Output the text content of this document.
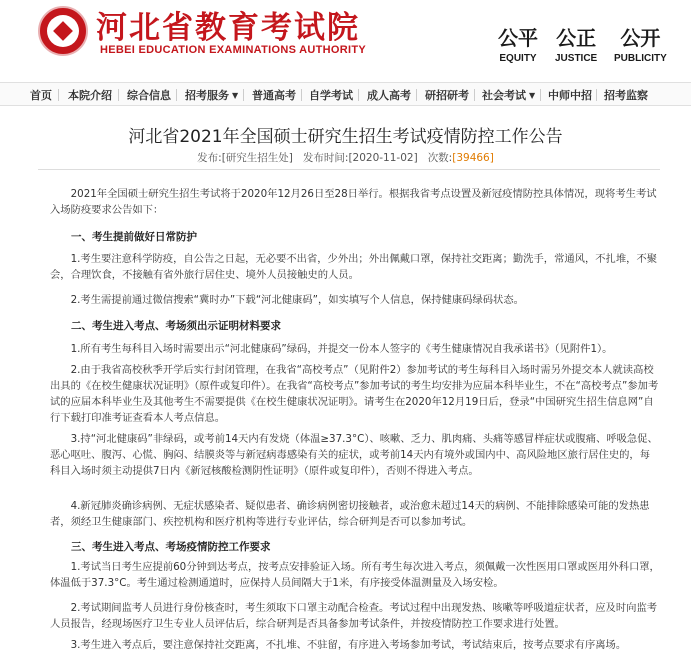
河北省教育考试院
HEBEI EDUCATION EXAMINATIONS AUTHORITY	公平
EQUITY
公正
JUSTICE
公开
PUBLICITY
首页 本院介绍 综合信息 招考服务 ▼ 普通高考 自学考试 成人高考 研招研考 社会考试 ▼ 中师中招 招考监察
河北省2021年全国硕士研究生招生考试疫情防控工作公告
发布:[研究生招生处] 发布时间:[2020-11-02] 次数:[39466]
2021年全国硕士研究生招生考试将于2020年12月26日至28日举行。根据我省考点设置及新冠疫情防控具体情况，现将考生考试入场防疫要求公告如下：
一、考生提前做好日常防护
1.考生要注意科学防疫，自公告之日起，无必要不出省，少外出；外出佩戴口罩，保持社交距离；勤洗手，常通风，不扎堆，不聚会，合理饮食，不接触有省外旅行居住史、境外人员接触史的人员。
2.考生需提前通过微信搜索“冀时办”下载“河北健康码”，如实填写个人信息，保持健康码绿码状态。
二、考生进入考点、考场须出示证明材料要求
1.所有考生每科目入场时需要出示“河北健康码”绿码，并提交一份本人签字的《考生健康情况自我承诺书》（见附件1）。
2.由于我省高校秋季开学后实行封闭管理，在我省“高校考点”（见附件2）参加考试的考生每科目入场时需另外提交本人就读高校出具的《在校生健康状况证明》（原件或复印件）。在我省“高校考点”参加考试的考生均安排为应届本科毕业生，不在“高校考点”参加考试的应届本科毕业生及其他考生不需要提供《在校生健康状况证明》。请考生在2020年12月19日后，登录“中国研究生招生信息网”自行下载打印准考证查看本人考点信息。
3.持“河北健康码”非绿码，或考前14天内有发烧（体温≥37.3°C）、咳嗽、乏力、肌肉痛、头痛等感冒样症状或腹痛、呼吸急促、恶心呕吐、腹泻、心慌、胸闷、结膜炎等与新冠病毒感染有关的症状，或考前14天内有境外或国内中、高风险地区旅行居住史的，每科目入场时须主动提供7日内《新冠核酸检测阴性证明》（原件或复印件），否则不得进入考点。
4.新冠肺炎确诊病例、无症状感染者、疑似患者、确诊病例密切接触者，或治愈未超过14天的病例、不能排除感染可能的发热患者，须经卫生健康部门、疾控机构和医疗机构等进行专业评估，综合研判是否可以参加考试。
三、考生进入考点、考场疫情防控工作要求
1.考试当日考生应提前60分钟到达考点，按考点安排验证入场。所有考生每次进入考点，须佩戴一次性医用口罩或医用外科口罩，体温低于37.3°C。考生通过检测通道时，应保持人员间隔大于1米，有序接受体温测量及入场安检。
2.考试期间监考人员进行身份核查时，考生须取下口罩主动配合检查。考试过程中出现发热、咳嗽等呼吸道症状者，应及时向监考人员报告，经现场医疗卫生专业人员评估后，综合研判是否具备参加考试条件，并按疫情防控工作要求进行处置。
3.考生进入考点后，要注意保持社交距离，不扎堆、不驻留，有序进入考场参加考试，考试结束后，按考点要求有序离场。
